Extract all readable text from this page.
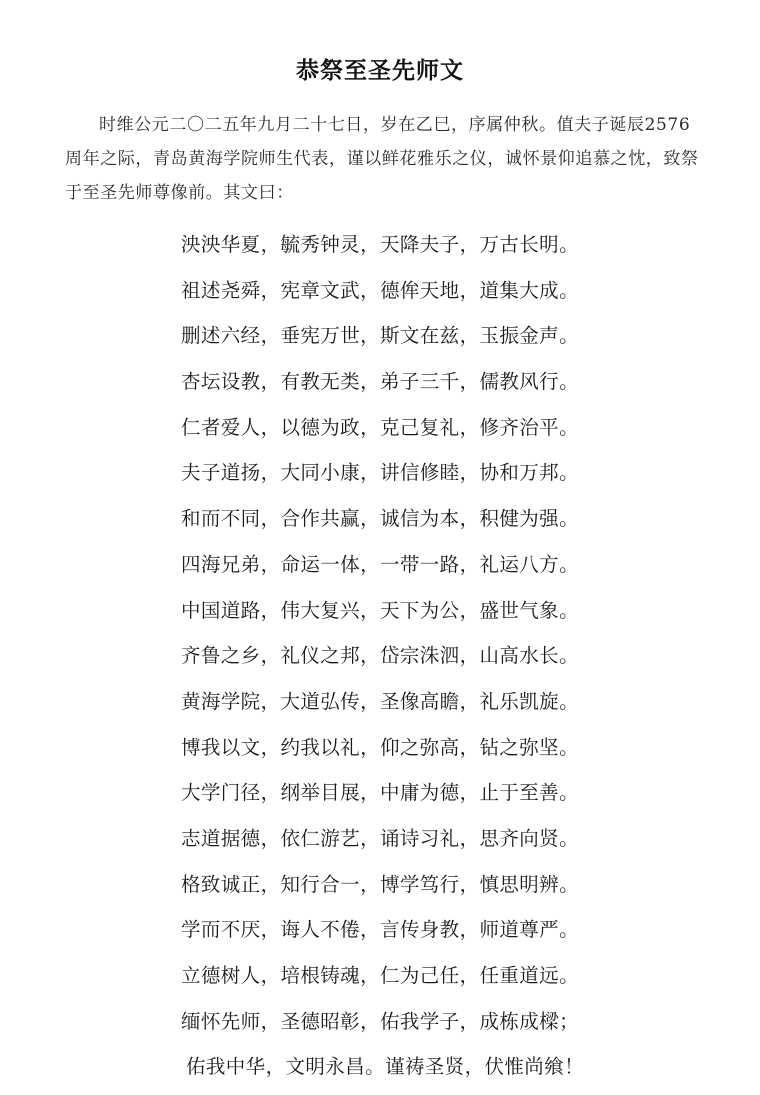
恭祭至圣先师文

时维公元二〇二五年九月二十七日，岁在乙巳，序属仲秋。值夫子诞辰2576周年之际，青岛黄海学院师生代表，谨以鲜花雅乐之仪，诚怀景仰追慕之忱，致祭于至圣先师尊像前。其文曰：

泱泱华夏，毓秀钟灵，天降夫子，万古长明。
祖述尧舜，宪章文武，德侔天地，道集大成。
删述六经，垂宪万世，斯文在兹，玉振金声。
杏坛设教，有教无类，弟子三千，儒教风行。
仁者爱人，以德为政，克己复礼，修齐治平。
夫子道扬，大同小康，讲信修睦，协和万邦。
和而不同，合作共赢，诚信为本，积健为强。
四海兄弟，命运一体，一带一路，礼运八方。
中国道路，伟大复兴，天下为公，盛世气象。
齐鲁之乡，礼仪之邦，岱宗洙泗，山高水长。
黄海学院，大道弘传，圣像高瞻，礼乐凯旋。
博我以文，约我以礼，仰之弥高，钻之弥坚。
大学门径，纲举目展，中庸为德，止于至善。
志道据德，依仁游艺，诵诗习礼，思齐向贤。
格致诚正，知行合一，博学笃行，慎思明辨。
学而不厌，诲人不倦，言传身教，师道尊严。
立德树人，培根铸魂，仁为己任，任重道远。
缅怀先师，圣德昭彰，佑我学子，成栋成樑；
佑我中华，文明永昌。谨祷圣贤，伏惟尚飨！
